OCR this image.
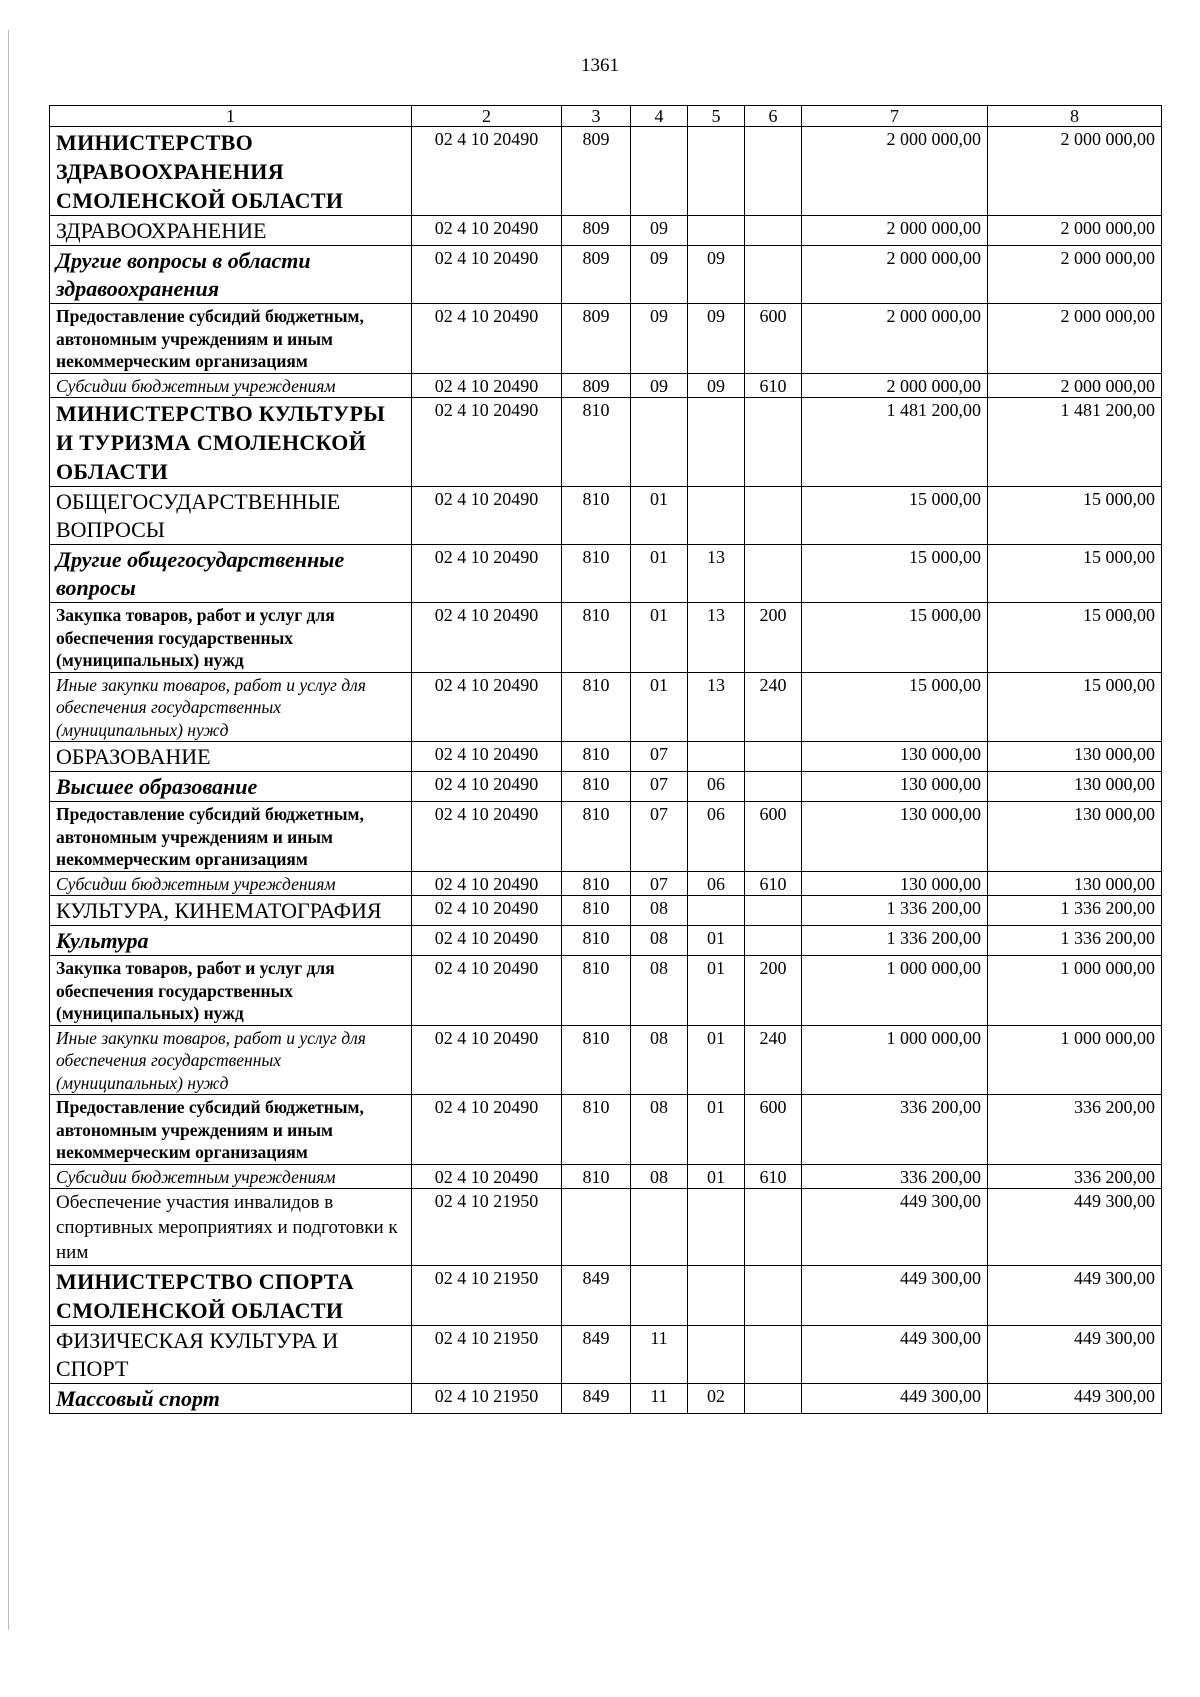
1361
1	2	3	4	5	6	7	8
МИНИСТЕРСТВО ЗДРАВООХРАНЕНИЯ СМОЛЕНСКОЙ ОБЛАСТИ	02 4 10 20490	809				2 000 000,00	2 000 000,00
ЗДРАВООХРАНЕНИЕ	02 4 10 20490	809	09			2 000 000,00	2 000 000,00
Другие вопросы в области здравоохранения	02 4 10 20490	809	09	09		2 000 000,00	2 000 000,00
Предоставление субсидий бюджетным, автономным учреждениям и иным некоммерческим организациям	02 4 10 20490	809	09	09	600	2 000 000,00	2 000 000,00
Субсидии бюджетным учреждениям	02 4 10 20490	809	09	09	610	2 000 000,00	2 000 000,00
МИНИСТЕРСТВО КУЛЬТУРЫ И ТУРИЗМА СМОЛЕНСКОЙ ОБЛАСТИ	02 4 10 20490	810				1 481 200,00	1 481 200,00
ОБЩЕГОСУДАРСТВЕННЫЕ ВОПРОСЫ	02 4 10 20490	810	01			15 000,00	15 000,00
Другие общегосударственные вопросы	02 4 10 20490	810	01	13		15 000,00	15 000,00
Закупка товаров, работ и услуг для обеспечения государственных (муниципальных) нужд	02 4 10 20490	810	01	13	200	15 000,00	15 000,00
Иные закупки товаров, работ и услуг для обеспечения государственных (муниципальных) нужд	02 4 10 20490	810	01	13	240	15 000,00	15 000,00
ОБРАЗОВАНИЕ	02 4 10 20490	810	07			130 000,00	130 000,00
Высшее образование	02 4 10 20490	810	07	06		130 000,00	130 000,00
Предоставление субсидий бюджетным, автономным учреждениям и иным некоммерческим организациям	02 4 10 20490	810	07	06	600	130 000,00	130 000,00
Субсидии бюджетным учреждениям	02 4 10 20490	810	07	06	610	130 000,00	130 000,00
КУЛЬТУРА, КИНЕМАТОГРАФИЯ	02 4 10 20490	810	08			1 336 200,00	1 336 200,00
Культура	02 4 10 20490	810	08	01		1 336 200,00	1 336 200,00
Закупка товаров, работ и услуг для обеспечения государственных (муниципальных) нужд	02 4 10 20490	810	08	01	200	1 000 000,00	1 000 000,00
Иные закупки товаров, работ и услуг для обеспечения государственных (муниципальных) нужд	02 4 10 20490	810	08	01	240	1 000 000,00	1 000 000,00
Предоставление субсидий бюджетным, автономным учреждениям и иным некоммерческим организациям	02 4 10 20490	810	08	01	600	336 200,00	336 200,00
Субсидии бюджетным учреждениям	02 4 10 20490	810	08	01	610	336 200,00	336 200,00
Обеспечение участия инвалидов в спортивных мероприятиях и подготовки к ним	02 4 10 21950					449 300,00	449 300,00
МИНИСТЕРСТВО СПОРТА СМОЛЕНСКОЙ ОБЛАСТИ	02 4 10 21950	849				449 300,00	449 300,00
ФИЗИЧЕСКАЯ КУЛЬТУРА И СПОРТ	02 4 10 21950	849	11			449 300,00	449 300,00
Массовый спорт	02 4 10 21950	849	11	02		449 300,00	449 300,00
